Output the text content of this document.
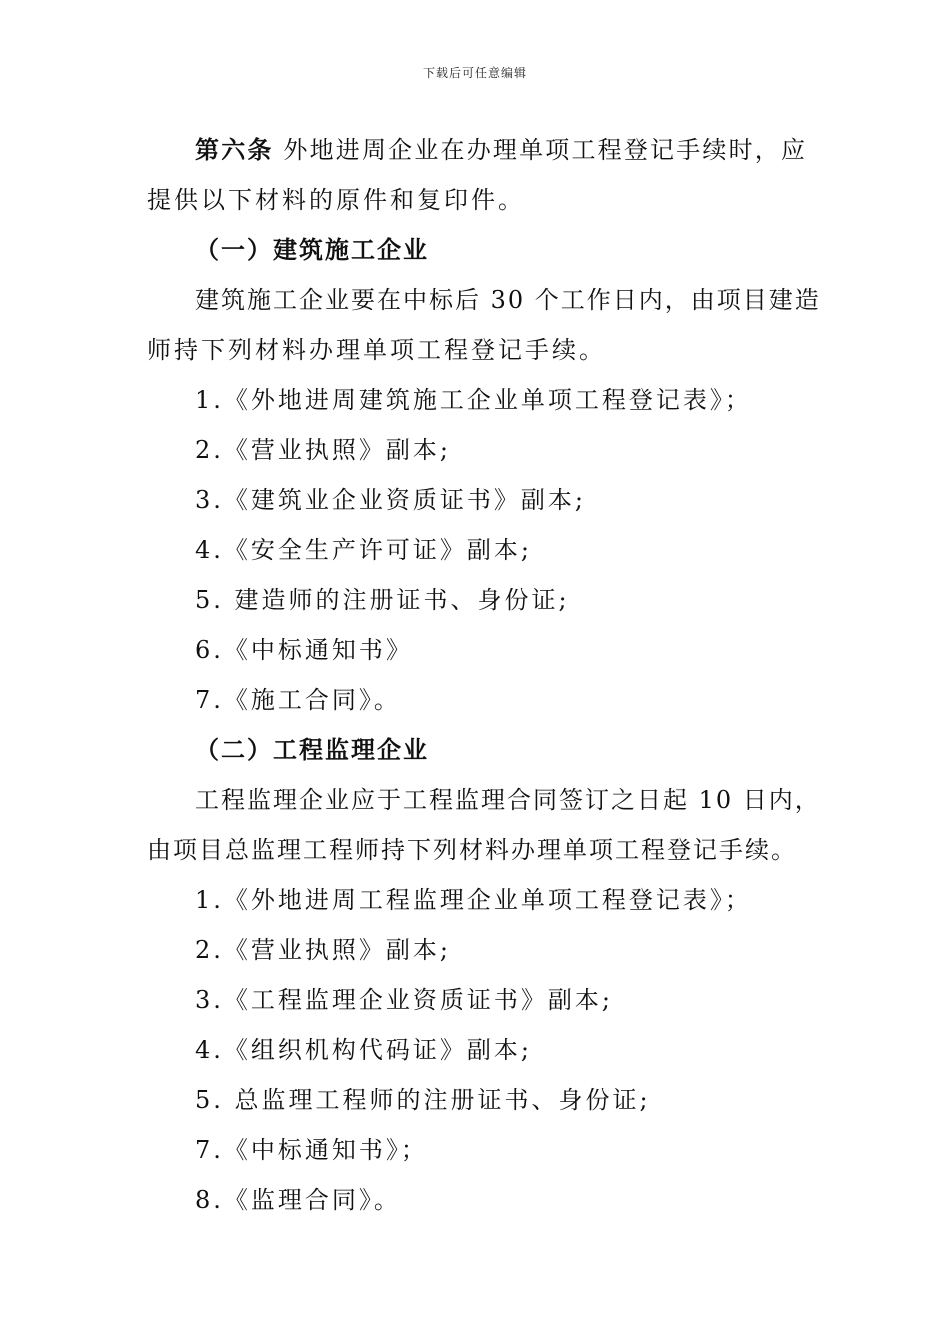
下载后可任意编辑
第六条 外地进周企业在办理单项工程登记手续时，应
提供以下材料的原件和复印件。
（一）建筑施工企业
建筑施工企业要在中标后 30 个工作日内，由项目建造
师持下列材料办理单项工程登记手续。
1.《外地进周建筑施工企业单项工程登记表》；
2.《营业执照》副本;
3.《建筑业企业资质证书》副本;
4.《安全生产许可证》副本;
5. 建造师的注册证书、身份证;
6.《中标通知书》
7.《施工合同》。
（二）工程监理企业
工程监理企业应于工程监理合同签订之日起 10 日内，
由项目总监理工程师持下列材料办理单项工程登记手续。
1.《外地进周工程监理企业单项工程登记表》；
2.《营业执照》副本;
3.《工程监理企业资质证书》副本;
4.《组织机构代码证》副本;
5. 总监理工程师的注册证书、身份证;
7.《中标通知书》；
8.《监理合同》。
